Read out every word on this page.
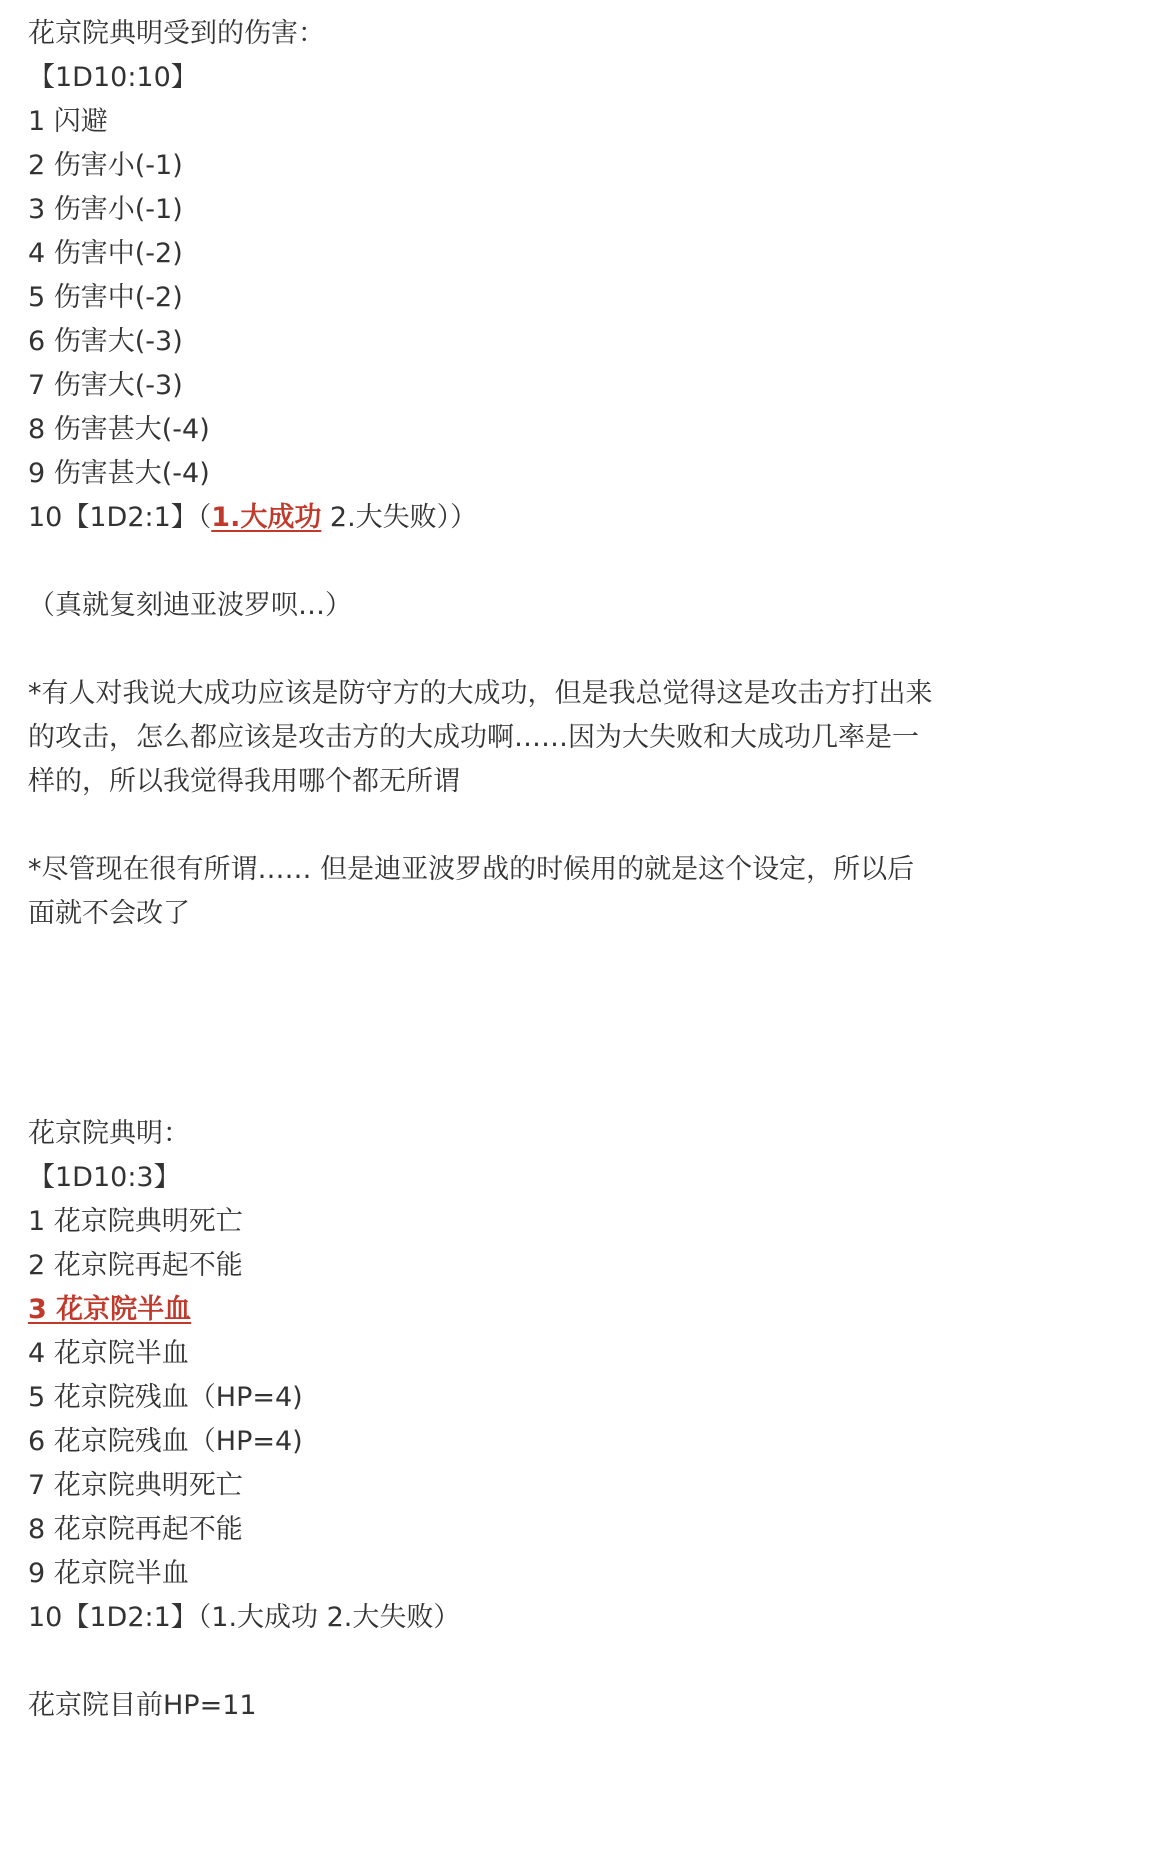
花京院典明受到的伤害：
【1D10:10】
1 闪避
2 伤害小(-1)
3 伤害小(-1)
4 伤害中(-2)
5 伤害中(-2)
6 伤害大(-3)
7 伤害大(-3)
8 伤害甚大(-4)
9 伤害甚大(-4)
10【1D2:1】（1.大成功 2.大失败））
（真就复刻迪亚波罗呗…）
*有人对我说大成功应该是防守方的大成功，但是我总觉得这是攻击方打出来
的攻击，怎么都应该是攻击方的大成功啊……因为大失败和大成功几率是一
样的，所以我觉得我用哪个都无所谓
*尽管现在很有所谓…… 但是迪亚波罗战的时候用的就是这个设定，所以后
面就不会改了
花京院典明：
【1D10:3】
1 花京院典明死亡
2 花京院再起不能
3 花京院半血
4 花京院半血
5 花京院残血（HP=4)
6 花京院残血（HP=4)
7 花京院典明死亡
8 花京院再起不能
9 花京院半血
10【1D2:1】（1.大成功 2.大失败）
花京院目前HP=11
